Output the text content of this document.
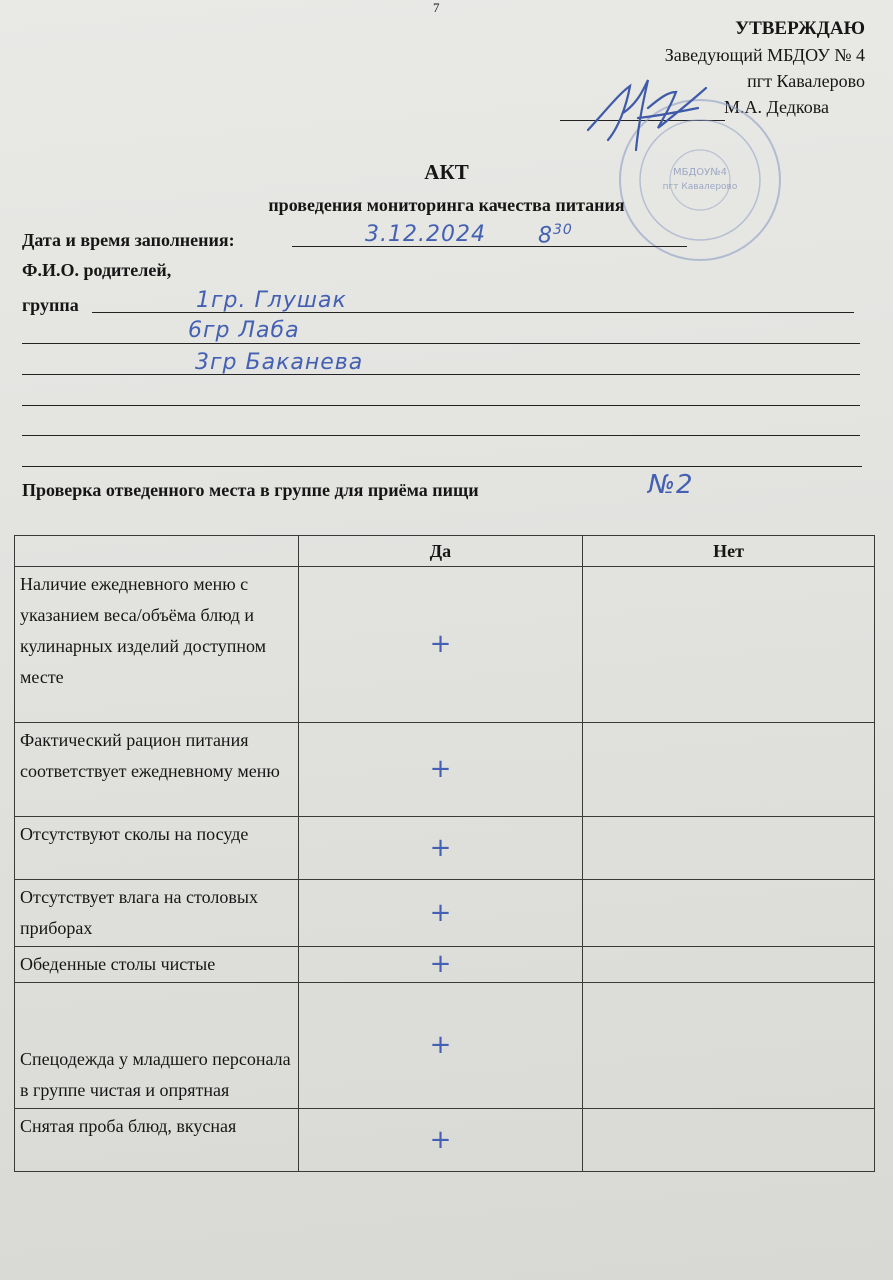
7
УТВЕРЖДАЮ
Заведующий МБДОУ № 4
пгт Кавалерово
М.А. Дедкова
МБДОУ№4
пгт Кавалерово
АКТ
проведения мониторинга качества питания
Дата и время заполнения:	3.12.2024 $8^{30}$
Ф.И.О. родителей,
группа	1гр. Глушак
6гр Лаба
3гр Баканева
Проверка отведенного места в группе для приёма пищи	№2
	Да	Нет
Наличие ежедневного меню с указанием веса/объёма блюд и кулинарных изделий доступном месте	+	
Фактический рацион питания соответствует ежедневному меню	+	
Отсутствуют сколы на посуде	+	
Отсутствует влага на столовых приборах	+	
Обеденные столы чистые	+	
Спецодежда у младшего персонала в группе чистая и опрятная	+	
Снятая проба блюд, вкусная	+	
